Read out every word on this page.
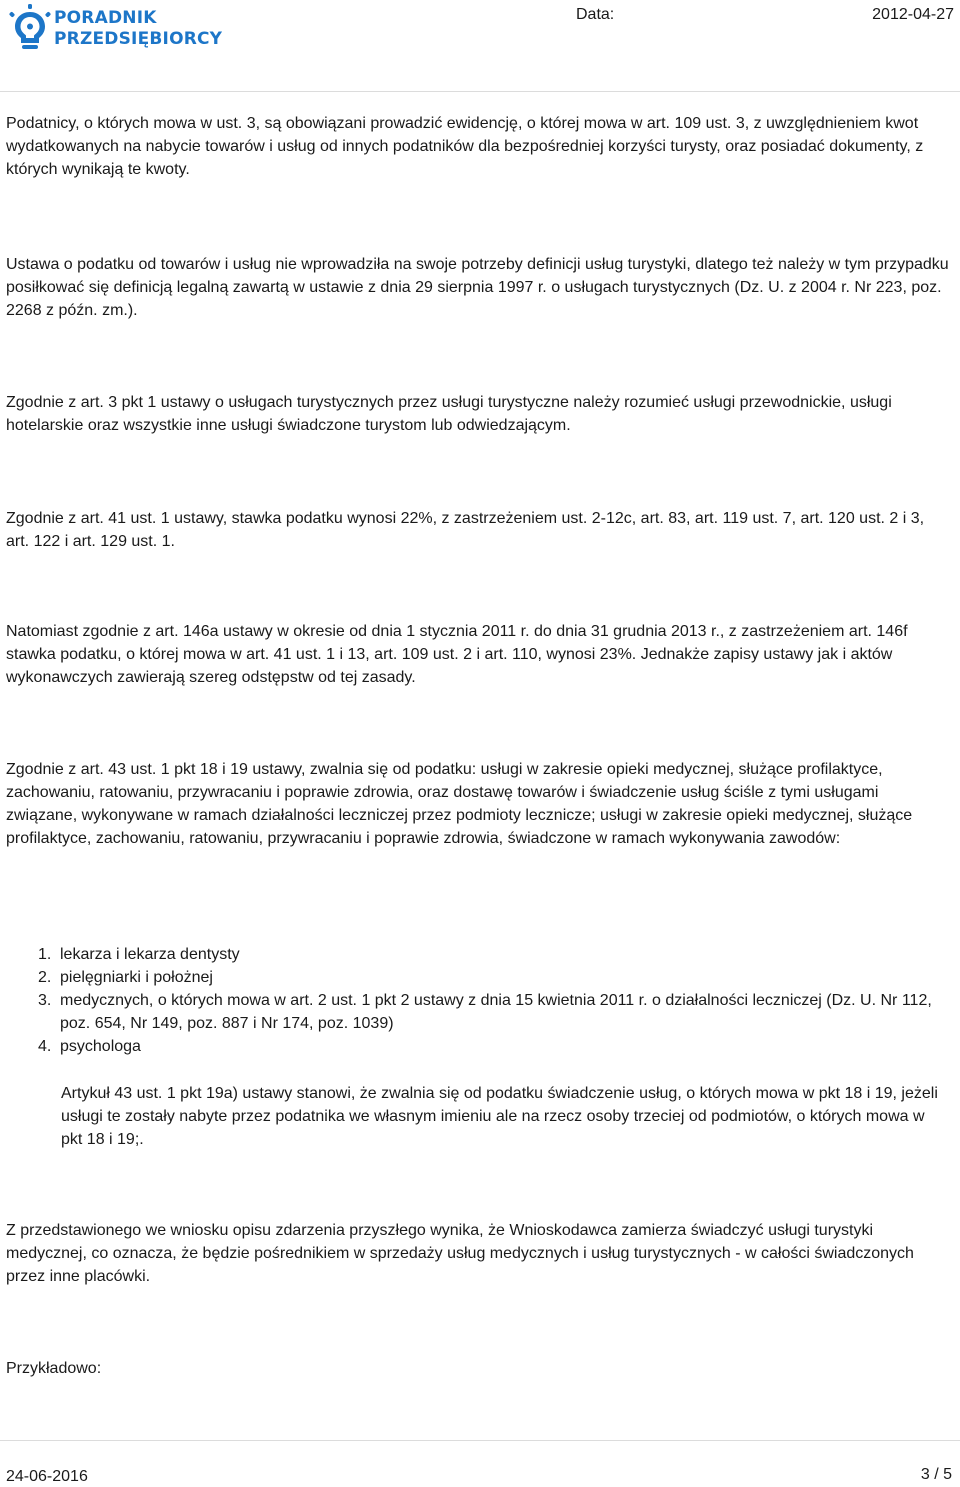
PORADNIK
PRZEDSIĘBIORCY
Data:	2012-04-27

Podatnicy, o których mowa w ust. 3, są obowiązani prowadzić ewidencję, o której mowa w art. 109 ust. 3, z uwzględnieniem kwot wydatkowanych na nabycie towarów i usług od innych podatników dla bezpośredniej korzyści turysty, oraz posiadać dokumenty, z których wynikają te kwoty.

Ustawa o podatku od towarów i usług nie wprowadziła na swoje potrzeby definicji usług turystyki, dlatego też należy w tym przypadku posiłkować się definicją legalną zawartą w ustawie z dnia 29 sierpnia 1997 r. o usługach turystycznych (Dz. U. z 2004 r. Nr 223, poz. 2268 z późn. zm.).

Zgodnie z art. 3 pkt 1 ustawy o usługach turystycznych przez usługi turystyczne należy rozumieć usługi przewodnickie, usługi hotelarskie oraz wszystkie inne usługi świadczone turystom lub odwiedzającym.

Zgodnie z art. 41 ust. 1 ustawy, stawka podatku wynosi 22%, z zastrzeżeniem ust. 2-12c, art. 83, art. 119 ust. 7, art. 120 ust. 2 i 3, art. 122 i art. 129 ust. 1.

Natomiast zgodnie z art. 146a ustawy w okresie od dnia 1 stycznia 2011 r. do dnia 31 grudnia 2013 r., z zastrzeżeniem art. 146f stawka podatku, o której mowa w art. 41 ust. 1 i 13, art. 109 ust. 2 i art. 110, wynosi 23%. Jednakże zapisy ustawy jak i aktów wykonawczych zawierają szereg odstępstw od tej zasady.

Zgodnie z art. 43 ust. 1 pkt 18 i 19 ustawy, zwalnia się od podatku: usługi w zakresie opieki medycznej, służące profilaktyce, zachowaniu, ratowaniu, przywracaniu i poprawie zdrowia, oraz dostawę towarów i świadczenie usług ściśle z tymi usługami związane, wykonywane w ramach działalności leczniczej przez podmioty lecznicze; usługi w zakresie opieki medycznej, służące profilaktyce, zachowaniu, ratowaniu, przywracaniu i poprawie zdrowia, świadczone w ramach wykonywania zawodów:

1. lekarza i lekarza dentysty
2. pielęgniarki i położnej
3. medycznych, o których mowa w art. 2 ust. 1 pkt 2 ustawy z dnia 15 kwietnia 2011 r. o działalności leczniczej (Dz. U. Nr 112, poz. 654, Nr 149, poz. 887 i Nr 174, poz. 1039)
4. psychologa

Artykuł 43 ust. 1 pkt 19a) ustawy stanowi, że zwalnia się od podatku świadczenie usług, o których mowa w pkt 18 i 19, jeżeli usługi te zostały nabyte przez podatnika we własnym imieniu ale na rzecz osoby trzeciej od podmiotów, o których mowa w pkt 18 i 19;.

Z przedstawionego we wniosku opisu zdarzenia przyszłego wynika, że Wnioskodawca zamierza świadczyć usługi turystyki medycznej, co oznacza, że będzie pośrednikiem w sprzedaży usług medycznych i usług turystycznych - w całości świadczonych przez inne placówki.

Przykładowo:

24-06-2016	3 / 5
